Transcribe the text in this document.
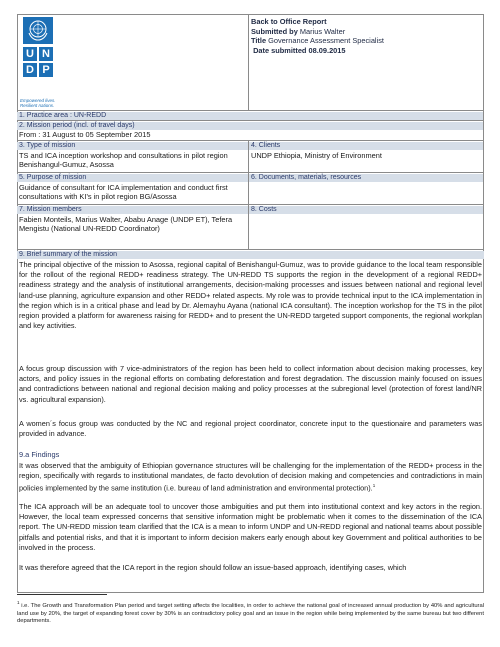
U N
D P
Empowered lives.
Resilient nations.
Back to Office Report
Submitted by Marius Walter
Title Governance Assessment Specialist
Date submitted 08.09.2015
1. Practice area : UN-REDD
2. Mission period (incl. of travel days)
From : 31 August to 05 September 2015
3. Type of mission
TS and ICA inception workshop and consultations in pilot region Benishangul-Gumuz, Asossa
4. Clients
UNDP Ethiopia, Ministry of Environment
5. Purpose of mission
Guidance of consultant for ICA implementation and conduct first consultations with KI’s in pilot region BG/Asossa
6. Documents, materials, resources
7. Mission members
Fabien Monteils, Marius Walter, Ababu Anage (UNDP ET), Tefera Mengistu (National UN-REDD Coordinator)
8. Costs
9. Brief summary of the mission
The principal objective of the mission to Asossa, regional capital of Benishangul-Gumuz, was to provide guidance to the local team responsible for the rollout of the regional REDD+ readiness strategy. The UN-REDD TS supports the region in the development of a regional REDD+ readiness strategy and the analysis of institutional arrangements, decision-making processes and issues between national and regional level land-use planning, agriculture expansion and other REDD+ related aspects. My role was to provide technical input to the ICA implementation in the region which is in a critical phase and lead by Dr. Alemayhu Ayana (national ICA consultant). The inception workshop for the TS in the pilot region provided a platform for awareness raising for REDD+ and to present the UN-REDD targeted support components, the regional workplan and key activities.
A focus group discussion with 7 vice-administrators of the region has been held to collect information about decision making processes, key actors, and policy issues in the regional efforts on combating deforestation and forest degradation. The discussion mainly focused on issues and contradictions between national and regional decision making and policy processes at the subregional level (protection of forest land/NR vs. agricultural expansion).
A women´s focus group was conducted by the NC and regional project coordinator, concrete input to the questionaire and parameters was provided in advance.
9.a Findings
It was observed that the ambiguity of Ethiopian governance structures will be challenging for the implementation of the REDD+ process in the region, specifically with regards to institutional mandates, de facto devolution of decision making and competencies and contradictions in main policies implemented by the same institution (i.e. bureau of land administration and environmental protection).$^1$
The ICA approach will be an adequate tool to uncover those ambiguities and put them into institutional context and key actors in the region. However, the local team expressed concerns that sensitive information might be problematic when it comes to the dissemination of the ICA report. The UN-REDD mission team clarified that the ICA is a mean to inform UNDP and UN-REDD regional and national teams about possible pitfalls and potential risks, and that it is important to inform decision makers early enough about key Government and political authorities to be involved in the process.
It was therefore agreed that the ICA report in the region should follow an issue-based approach, identifying cases, which
$^1$ i.e. The Growth and Transformation Plan period and target setting affects the localities, in order to achieve the national goal of increased annual production by 40% and agricultural land use by 20%, the target of expanding forest cover by 30% is an contradictory policy goal and an issue in the region while being implemented by the same bureau but two different departments.
